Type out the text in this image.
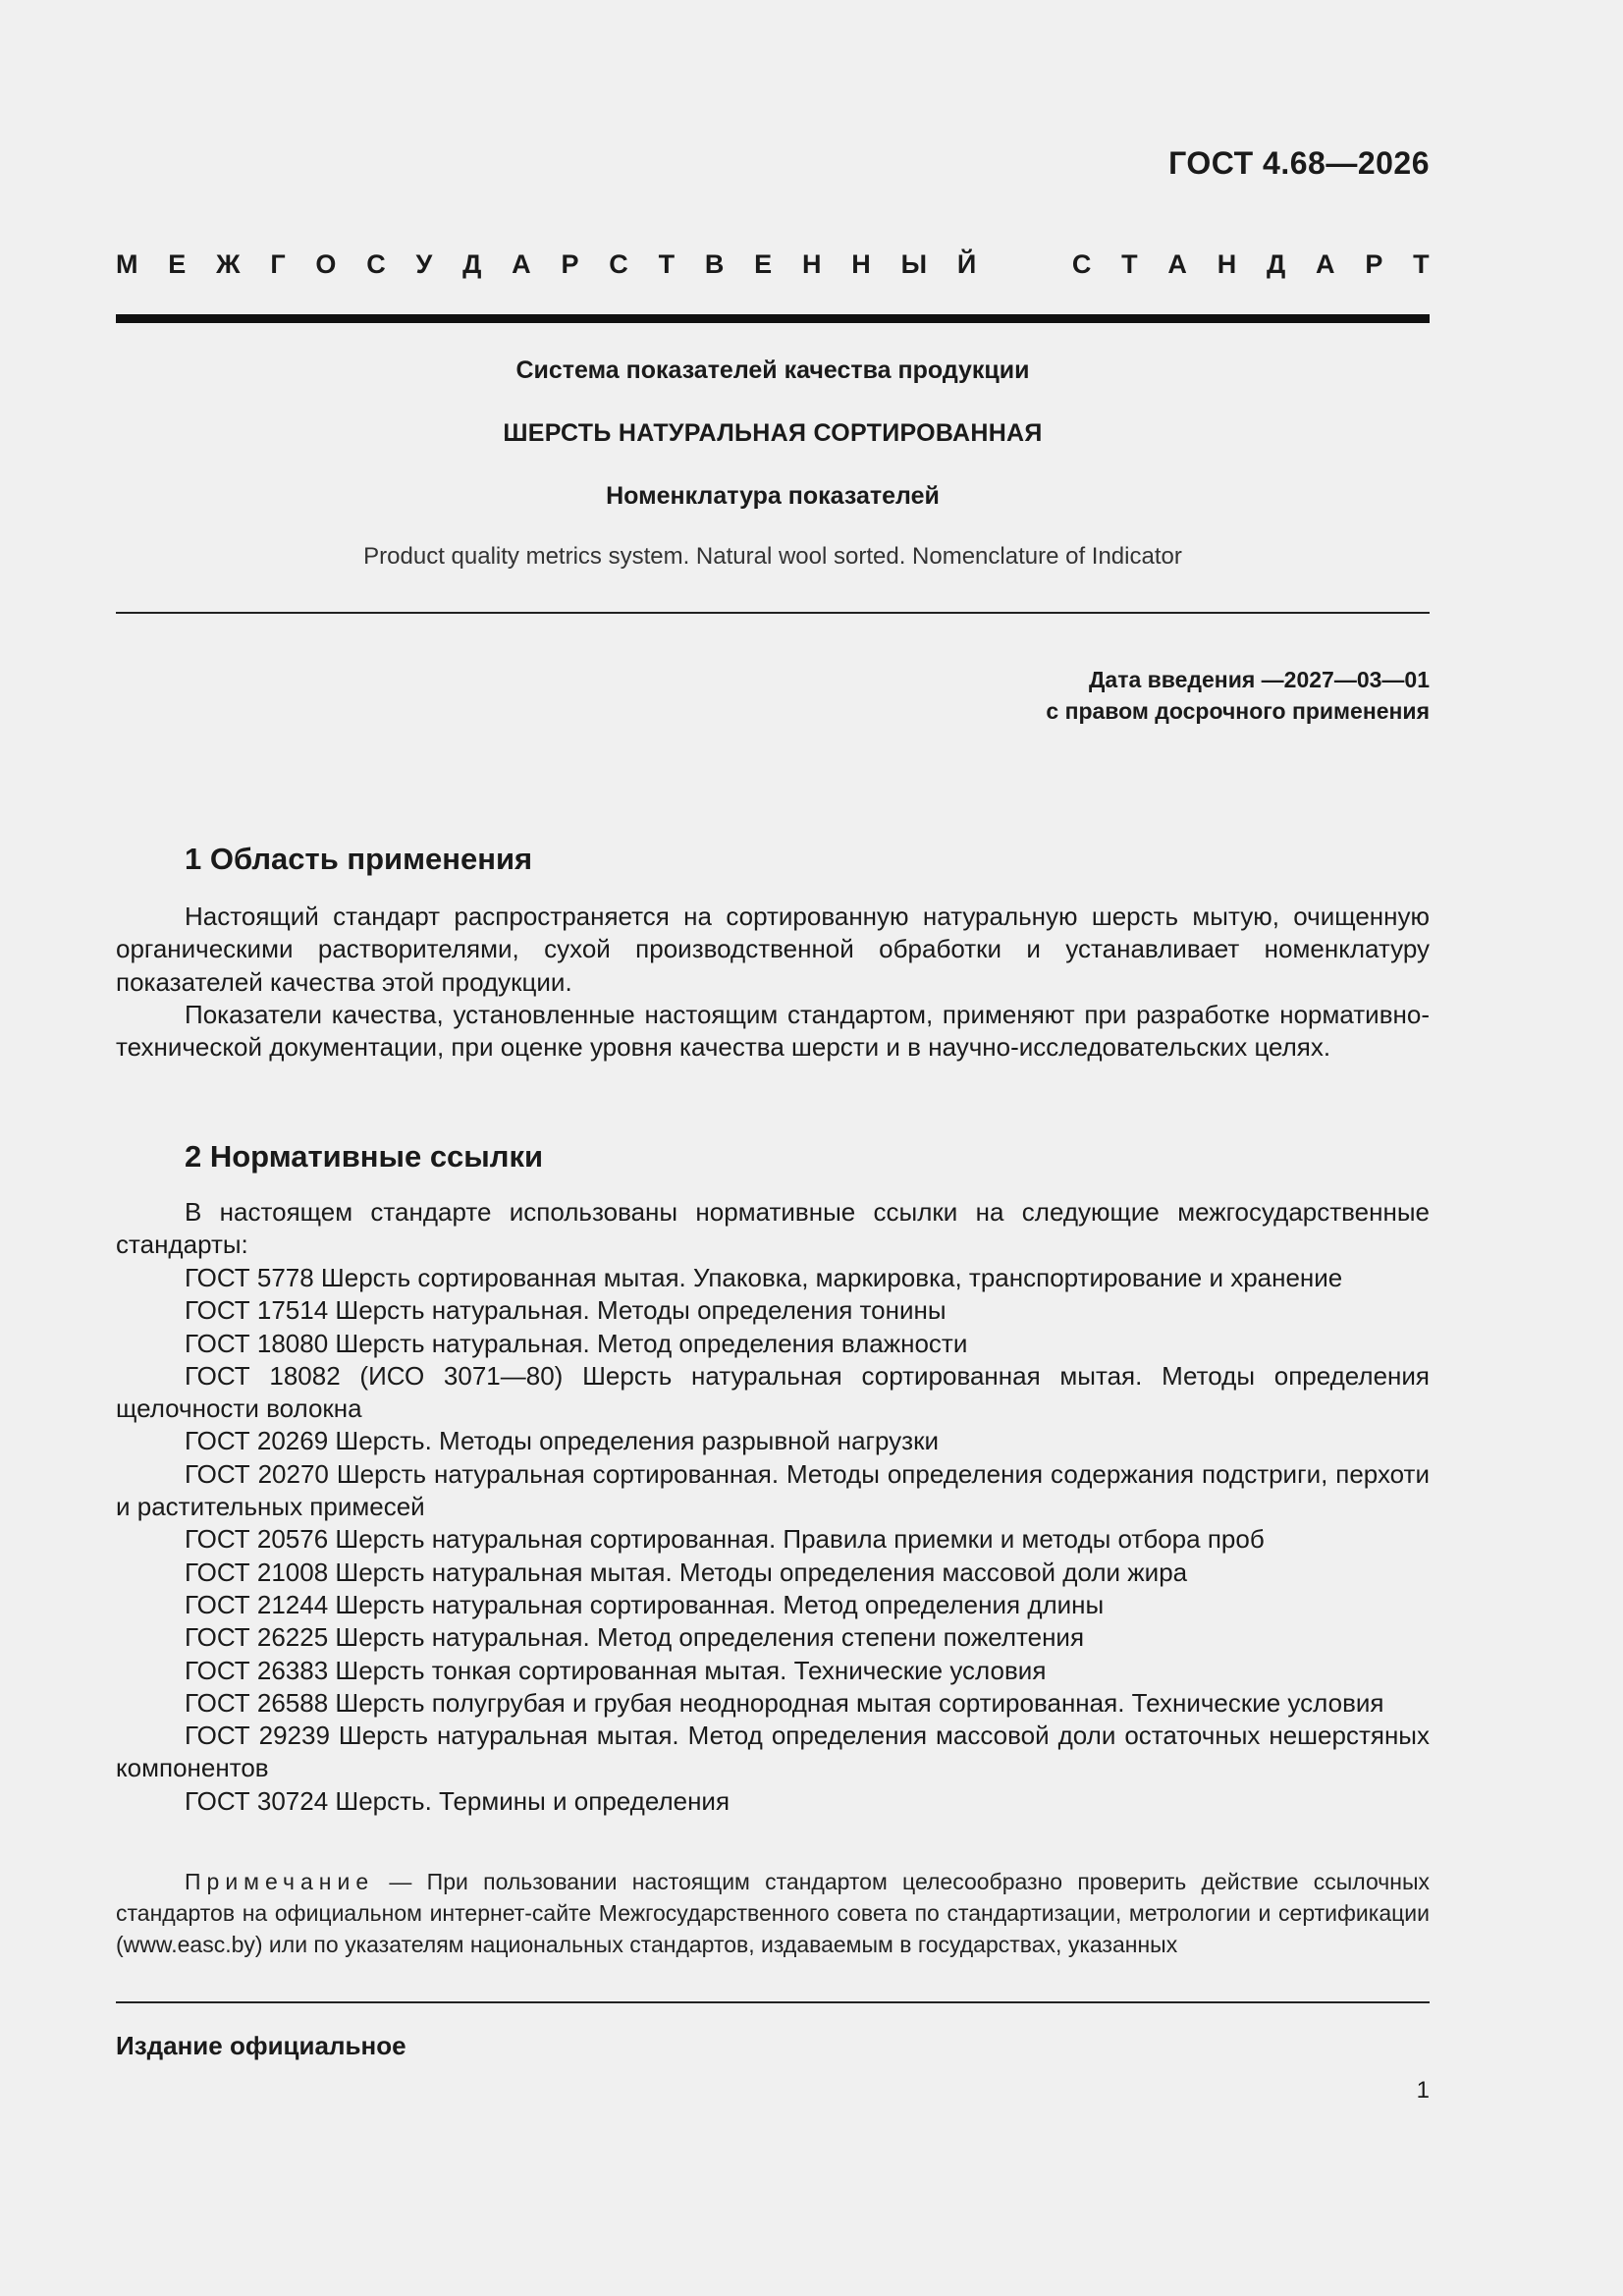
ГОСТ 4.68—2026
М Е Ж Г О С У Д А Р С Т В Е Н Н Ы Й	С Т А Н Д А Р Т
Система показателей качества продукции
ШЕРСТЬ НАТУРАЛЬНАЯ СОРТИРОВАННАЯ
Номенклатура показателей
Product quality metrics system. Natural wool sorted. Nomenclature of Indicator
Дата введения —2027—03—01
с правом досрочного применения
1 Область применения
Настоящий стандарт распространяется на сортированную натуральную шерсть мытую, очищенную органическими растворителями, сухой производственной обработки и устанавливает номенклатуру показателей качества этой продукции.
Показатели качества, установленные настоящим стандартом, применяют при разработке нормативно-технической документации, при оценке уровня качества шерсти и в научно-исследовательских целях.
2 Нормативные ссылки
В настоящем стандарте использованы нормативные ссылки на следующие межгосударственные стандарты:

ГОСТ 5778 Шерсть сортированная мытая. Упаковка, маркировка, транспортирование и хранение

ГОСТ 17514 Шерсть натуральная. Методы определения тонины

ГОСТ 18080 Шерсть натуральная. Метод определения влажности

ГОСТ 18082 (ИСО 3071—80) Шерсть натуральная сортированная мытая. Методы определения щелочности волокна

ГОСТ 20269 Шерсть. Методы определения разрывной нагрузки

ГОСТ 20270 Шерсть натуральная сортированная. Методы определения содержания подстриги, перхоти и растительных примесей

ГОСТ 20576 Шерсть натуральная сортированная. Правила приемки и методы отбора проб

ГОСТ 21008 Шерсть натуральная мытая. Методы определения массовой доли жира

ГОСТ 21244 Шерсть натуральная сортированная. Метод определения длины

ГОСТ 26225 Шерсть натуральная. Метод определения степени пожелтения

ГОСТ 26383 Шерсть тонкая сортированная мытая. Технические условия

ГОСТ 26588 Шерсть полугрубая и грубая неоднородная мытая сортированная. Технические условия

ГОСТ 29239 Шерсть натуральная мытая. Метод определения массовой доли остаточных нешерстяных компонентов

ГОСТ 30724 Шерсть. Термины и определения

Примечание — При пользовании настоящим стандартом целесообразно проверить действие ссылочных стандартов на официальном интернет-сайте Межгосударственного совета по стандартизации, метрологии и сертификации (www.easc.by) или по указателям национальных стандартов, издаваемым в государствах, указанных
Издание официальное
1
